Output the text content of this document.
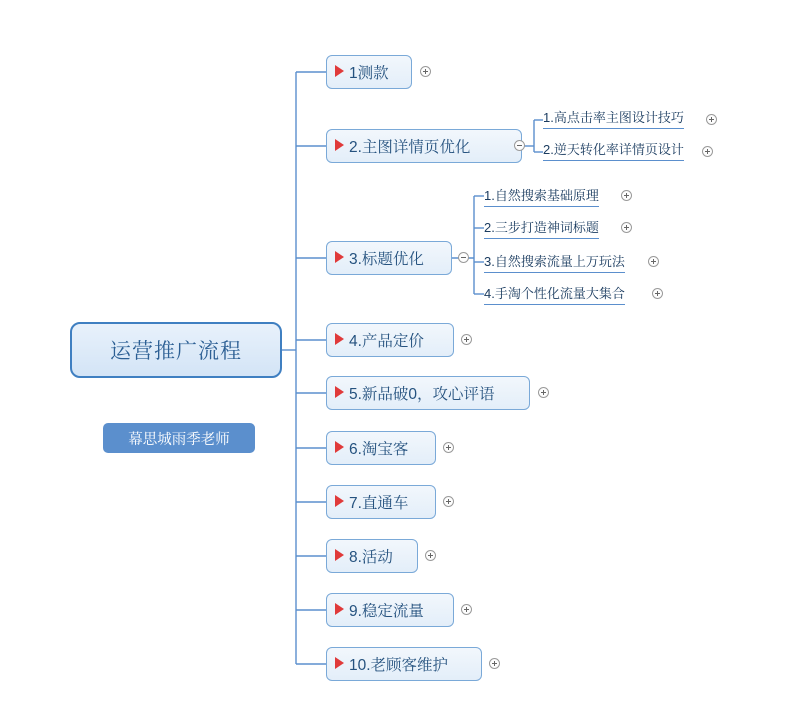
运营推广流程
幕思城雨季老师
1测款
2.主图详情页优化
1.高点击率主图设计技巧
2.逆天转化率详情页设计
3.标题优化
1.自然搜索基础原理
2.三步打造神词标题
3.自然搜索流量上万玩法
4.手淘个性化流量大集合
4.产品定价
5.新品破0，攻心评语
6.淘宝客
7.直通车
8.活动
9.稳定流量
10.老顾客维护
